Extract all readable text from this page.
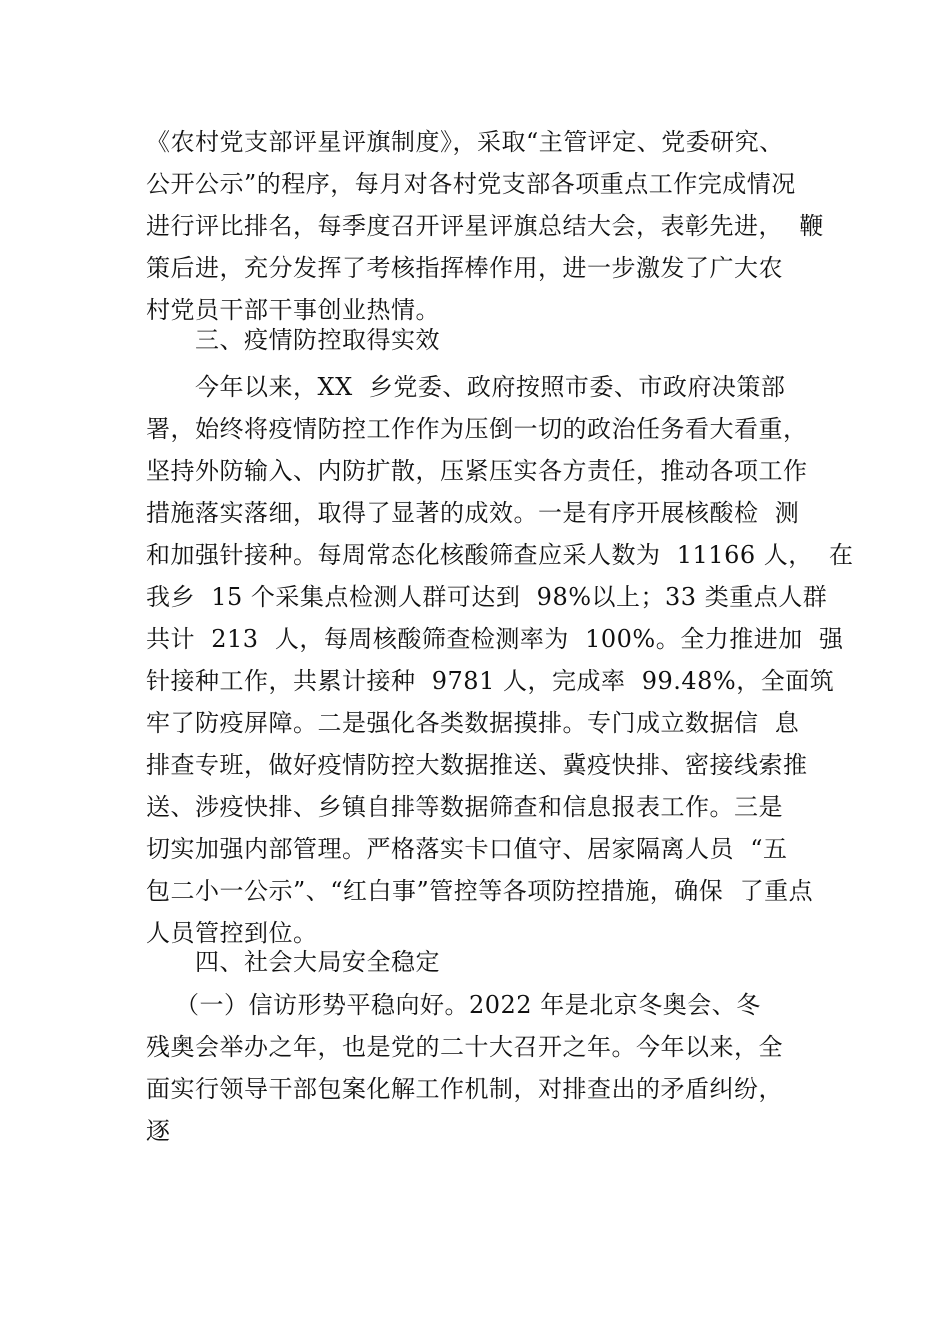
《农村党支部评星评旗制度》，采取“主管评定、党委研究、
公开公示”的程序，每月对各村党支部各项重点工作完成情况
进行评比排名，每季度召开评星评旗总结大会，表彰先进，  鞭
策后进，充分发挥了考核指挥棒作用，进一步激发了广大农
村党员干部干事创业热情。
三、疫情防控取得实效
今年以来，XX  乡党委、政府按照市委、市政府决策部
署，始终将疫情防控工作作为压倒一切的政治任务看大看重，
坚持外防输入、内防扩散，压紧压实各方责任，推动各项工作
措施落实落细，取得了显著的成效。一是有序开展核酸检  测
和加强针接种。每周常态化核酸筛查应采人数为  11166 人，  在
我乡  15 个采集点检测人群可达到  98%以上；33 类重点人群
共计  213  人，每周核酸筛查检测率为  100%。全力推进加  强
针接种工作，共累计接种  9781 人，完成率  99.48%，全面筑
牢了防疫屏障。二是强化各类数据摸排。专门成立数据信  息
排查专班，做好疫情防控大数据推送、冀疫快排、密接线索推
送、涉疫快排、乡镇自排等数据筛查和信息报表工作。三是
切实加强内部管理。严格落实卡口值守、居家隔离人员  “五
包二小一公示”、“红白事”管控等各项防控措施，确保  了重点
人员管控到位。
四、社会大局安全稳定
（一）信访形势平稳向好。2022 年是北京冬奥会、冬
残奥会举办之年，也是党的二十大召开之年。今年以来，全
面实行领导干部包案化解工作机制，对排查出的矛盾纠纷，
逐
